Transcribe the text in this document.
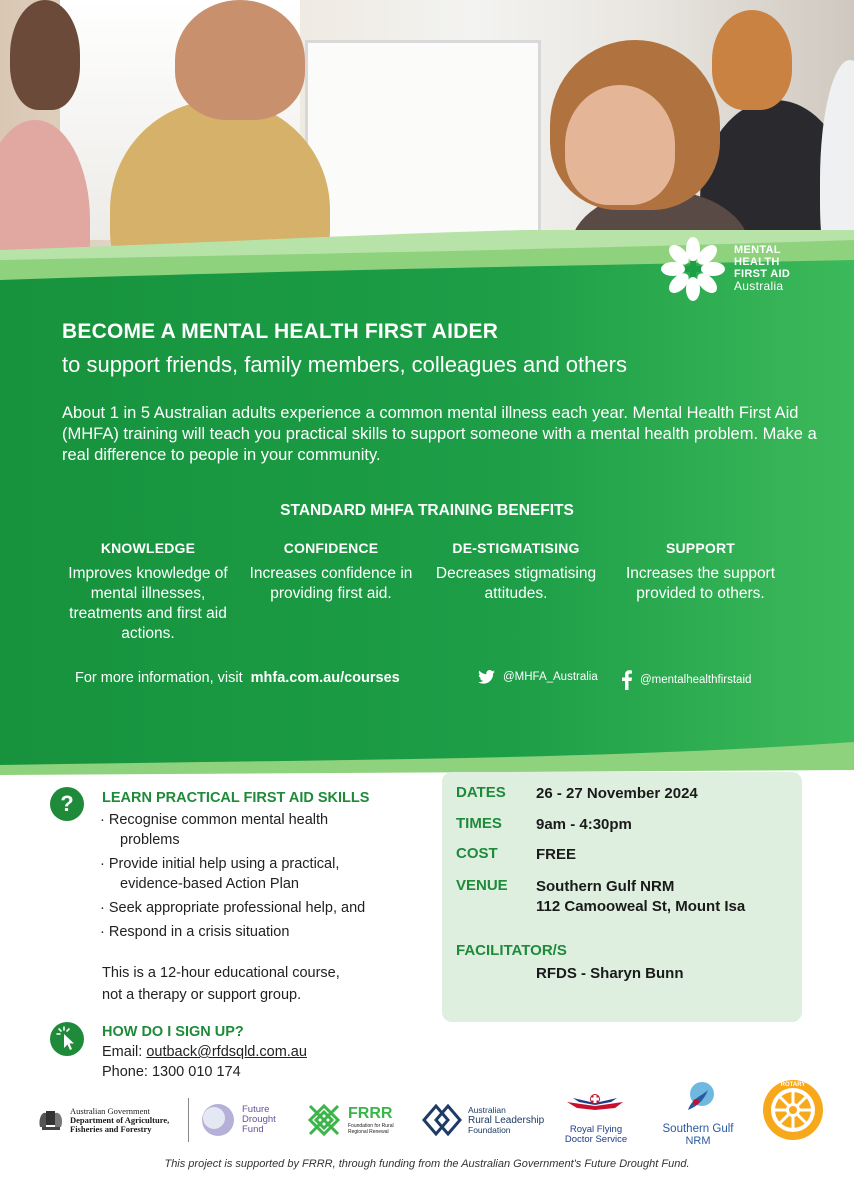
MENTAL
HEALTH
FIRST AID
Australia
BECOME A MENTAL HEALTH FIRST AIDER
to support friends, family members, colleagues and others
About 1 in 5 Australian adults experience a common mental illness each year. Mental Health First Aid (MHFA) training will teach you practical skills to support someone with a mental health problem. Make a real difference to people in your community.
STANDARD MHFA TRAINING BENEFITS
KNOWLEDGE
Improves knowledge of mental illnesses, treatments and first aid actions.
CONFIDENCE
Increases confidence in providing first aid.
DE-STIGMATISING
Decreases stigmatising attitudes.
SUPPORT
Increases the support provided to others.
For more information, visit mhfa.com.au/courses	@MHFA_Australia	@mentalhealthfirstaid
?	LEARN PRACTICAL FIRST AID SKILLS
· Recognise common mental health
problems
· Provide initial help using a practical,
evidence-based Action Plan
· Seek appropriate professional help, and
· Respond in a crisis situation
This is a 12-hour educational course,
not a therapy or support group.
HOW DO I SIGN UP?
Email: outback@rfdsqld.com.au
Phone: 1300 010 174
DATES	26 - 27 November 2024
TIMES	9am - 4:30pm
COST	FREE
VENUE	Southern Gulf NRM
112 Camooweal St, Mount Isa
FACILITATOR/S
RFDS - Sharyn Bunn
Australian Government
Department of Agriculture,
Fisheries and Forestry
Future
Drought
Fund
FRRR
Foundation for Rural
Regional Renewal
Australian
Rural Leadership
Foundation	Royal Flying
Doctor Service
Southern Gulf
NRM
ROTARY
This project is supported by FRRR, through funding from the Australian Government's Future Drought Fund.
